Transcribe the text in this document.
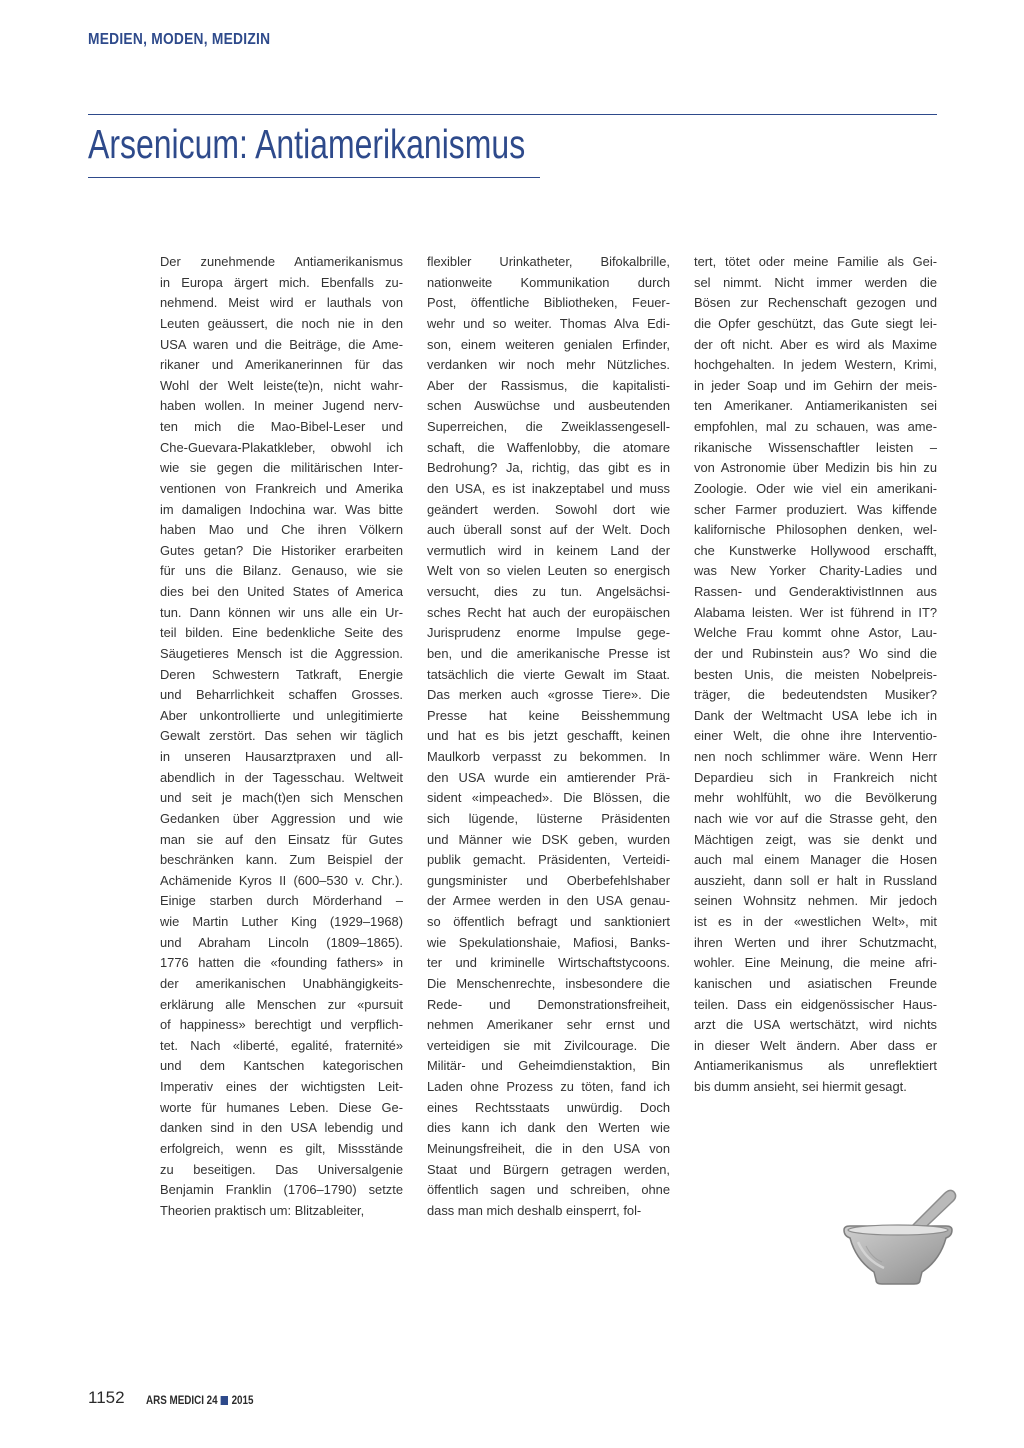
MEDIEN, MODEN, MEDIZIN
Arsenicum: Antiamerikanismus
Der zunehmende Antiamerikanismus
in Europa ärgert mich. Ebenfalls zu-
nehmend. Meist wird er lauthals von
Leuten geäussert, die noch nie in den
USA waren und die Beiträge, die Ame-
rikaner und Amerikanerinnen für das
Wohl der Welt leiste(te)n, nicht wahr-
haben wollen. In meiner Jugend nerv-
ten mich die Mao-Bibel-Leser und
Che-Guevara-Plakatkleber, obwohl ich
wie sie gegen die militärischen Inter-
ventionen von Frankreich und Amerika
im damaligen Indochina war. Was bitte
haben Mao und Che ihren Völkern
Gutes getan? Die Historiker erarbeiten
für uns die Bilanz. Genauso, wie sie
dies bei den United States of America
tun. Dann können wir uns alle ein Ur-
teil bilden. Eine bedenkliche Seite des
Säugetieres Mensch ist die Aggression.
Deren Schwestern Tatkraft, Energie
und Beharrlichkeit schaffen Grosses.
Aber unkontrollierte und unlegitimierte
Gewalt zerstört. Das sehen wir täglich
in unseren Hausarztpraxen und all-
abendlich in der Tagesschau. Weltweit
und seit je mach(t)en sich Menschen
Gedanken über Aggression und wie
man sie auf den Einsatz für Gutes
beschränken kann. Zum Beispiel der
Achämenide Kyros II (600–530 v. Chr.).
Einige starben durch Mörderhand –
wie Martin Luther King (1929–1968)
und Abraham Lincoln (1809–1865).
1776 hatten die «founding fathers» in
der amerikanischen Unabhängigkeits-
erklärung alle Menschen zur «pursuit
of happiness» berechtigt und verpflich-
tet. Nach «liberté, egalité, fraternité»
und dem Kantschen kategorischen
Imperativ eines der wichtigsten Leit-
worte für humanes Leben. Diese Ge-
danken sind in den USA lebendig und
erfolgreich, wenn es gilt, Missstände
zu beseitigen. Das Universalgenie
Benjamin Franklin (1706–1790) setzte
Theorien praktisch um: Blitzableiter,
flexibler Urinkatheter, Bifokalbrille,
nationweite Kommunikation durch
Post, öffentliche Bibliotheken, Feuer-
wehr und so weiter. Thomas Alva Edi-
son, einem weiteren genialen Erfinder,
verdanken wir noch mehr Nützliches.
Aber der Rassismus, die kapitalisti-
schen Auswüchse und ausbeutenden
Superreichen, die Zweiklassengesell-
schaft, die Waffenlobby, die atomare
Bedrohung? Ja, richtig, das gibt es in
den USA, es ist inakzeptabel und muss
geändert werden. Sowohl dort wie
auch überall sonst auf der Welt. Doch
vermutlich wird in keinem Land der
Welt von so vielen Leuten so energisch
versucht, dies zu tun. Angelsächsi-
sches Recht hat auch der europäischen
Jurisprudenz enorme Impulse gege-
ben, und die amerikanische Presse ist
tatsächlich die vierte Gewalt im Staat.
Das merken auch «grosse Tiere». Die
Presse hat keine Beisshemmung
und hat es bis jetzt geschafft, keinen
Maulkorb verpasst zu bekommen. In
den USA wurde ein amtierender Prä-
sident «impeached». Die Blössen, die
sich lügende, lüsterne Präsidenten
und Männer wie DSK geben, wurden
publik gemacht. Präsidenten, Verteidi-
gungsminister und Oberbefehlshaber
der Armee werden in den USA genau-
so öffentlich befragt und sanktioniert
wie Spekulationshaie, Mafiosi, Banks-
ter und kriminelle Wirtschaftstycoons.
Die Menschenrechte, insbesondere die
Rede- und Demonstrationsfreiheit,
nehmen Amerikaner sehr ernst und
verteidigen sie mit Zivilcourage. Die
Militär- und Geheimdienstaktion, Bin
Laden ohne Prozess zu töten, fand ich
eines Rechtsstaats unwürdig. Doch
dies kann ich dank den Werten wie
Meinungsfreiheit, die in den USA von
Staat und Bürgern getragen werden,
öffentlich sagen und schreiben, ohne
dass man mich deshalb einsperrt, fol-
tert, tötet oder meine Familie als Gei-
sel nimmt. Nicht immer werden die
Bösen zur Rechenschaft gezogen und
die Opfer geschützt, das Gute siegt lei-
der oft nicht. Aber es wird als Maxime
hochgehalten. In jedem Western, Krimi,
in jeder Soap und im Gehirn der meis-
ten Amerikaner. Antiamerikanisten sei
empfohlen, mal zu schauen, was ame-
rikanische Wissenschaftler leisten –
von Astronomie über Medizin bis hin zu
Zoologie. Oder wie viel ein amerikani-
scher Farmer produziert. Was kiffende
kalifornische Philosophen denken, wel-
che Kunstwerke Hollywood erschafft,
was New Yorker Charity-Ladies und
Rassen- und GenderaktivistInnen aus
Alabama leisten. Wer ist führend in IT?
Welche Frau kommt ohne Astor, Lau-
der und Rubinstein aus? Wo sind die
besten Unis, die meisten Nobelpreis-
träger, die bedeutendsten Musiker?
Dank der Weltmacht USA lebe ich in
einer Welt, die ohne ihre Interventio-
nen noch schlimmer wäre. Wenn Herr
Depardieu sich in Frankreich nicht
mehr wohlfühlt, wo die Bevölkerung
nach wie vor auf die Strasse geht, den
Mächtigen zeigt, was sie denkt und
auch mal einem Manager die Hosen
auszieht, dann soll er halt in Russland
seinen Wohnsitz nehmen. Mir jedoch
ist es in der «westlichen Welt», mit
ihren Werten und ihrer Schutzmacht,
wohler. Eine Meinung, die meine afri-
kanischen und asiatischen Freunde
teilen. Dass ein eidgenössischer Haus-
arzt die USA wertschätzt, wird nichts
in dieser Welt ändern. Aber dass er
Antiamerikanismus als unreflektiert
bis dumm ansieht, sei hiermit gesagt.
1152 ARS MEDICI 24 2015
